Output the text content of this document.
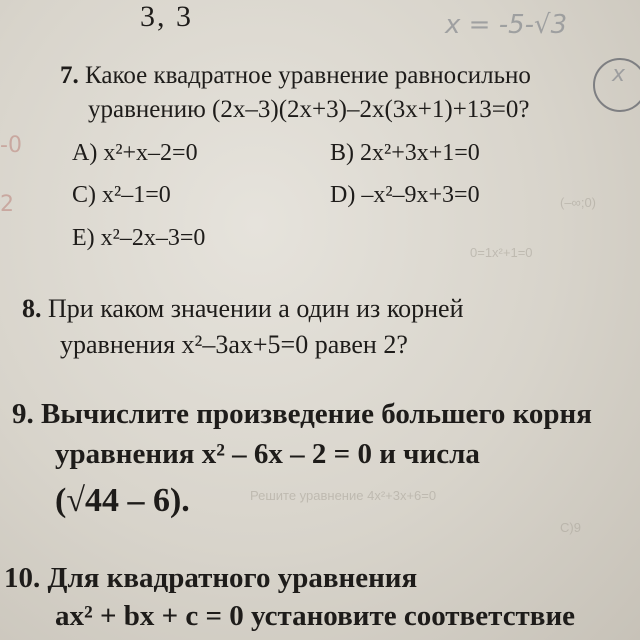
0=1x²+1=0
(–∞;0)
Решите уравнение 4x²+3x+6=0
C)9
3, 3	x = -5-√3
x
-0
2
7. Какое квадратное уравнение равносильно
уравнению (2x–3)(2x+3)–2x(3x+1)+13=0?
A) x²+x–2=0	B) 2x²+3x+1=0
C) x²–1=0	D) –x²–9x+3=0
E) x²–2x–3=0
8. При каком значении a один из корней
уравнения x²–3ax+5=0 равен 2?
9. Вычислите произведение большего корня
уравнения x² – 6x – 2 = 0 и числа
(√44 – 6).
10. Для квадратного уравнения
ax² + bx + c = 0 установите соответствие
